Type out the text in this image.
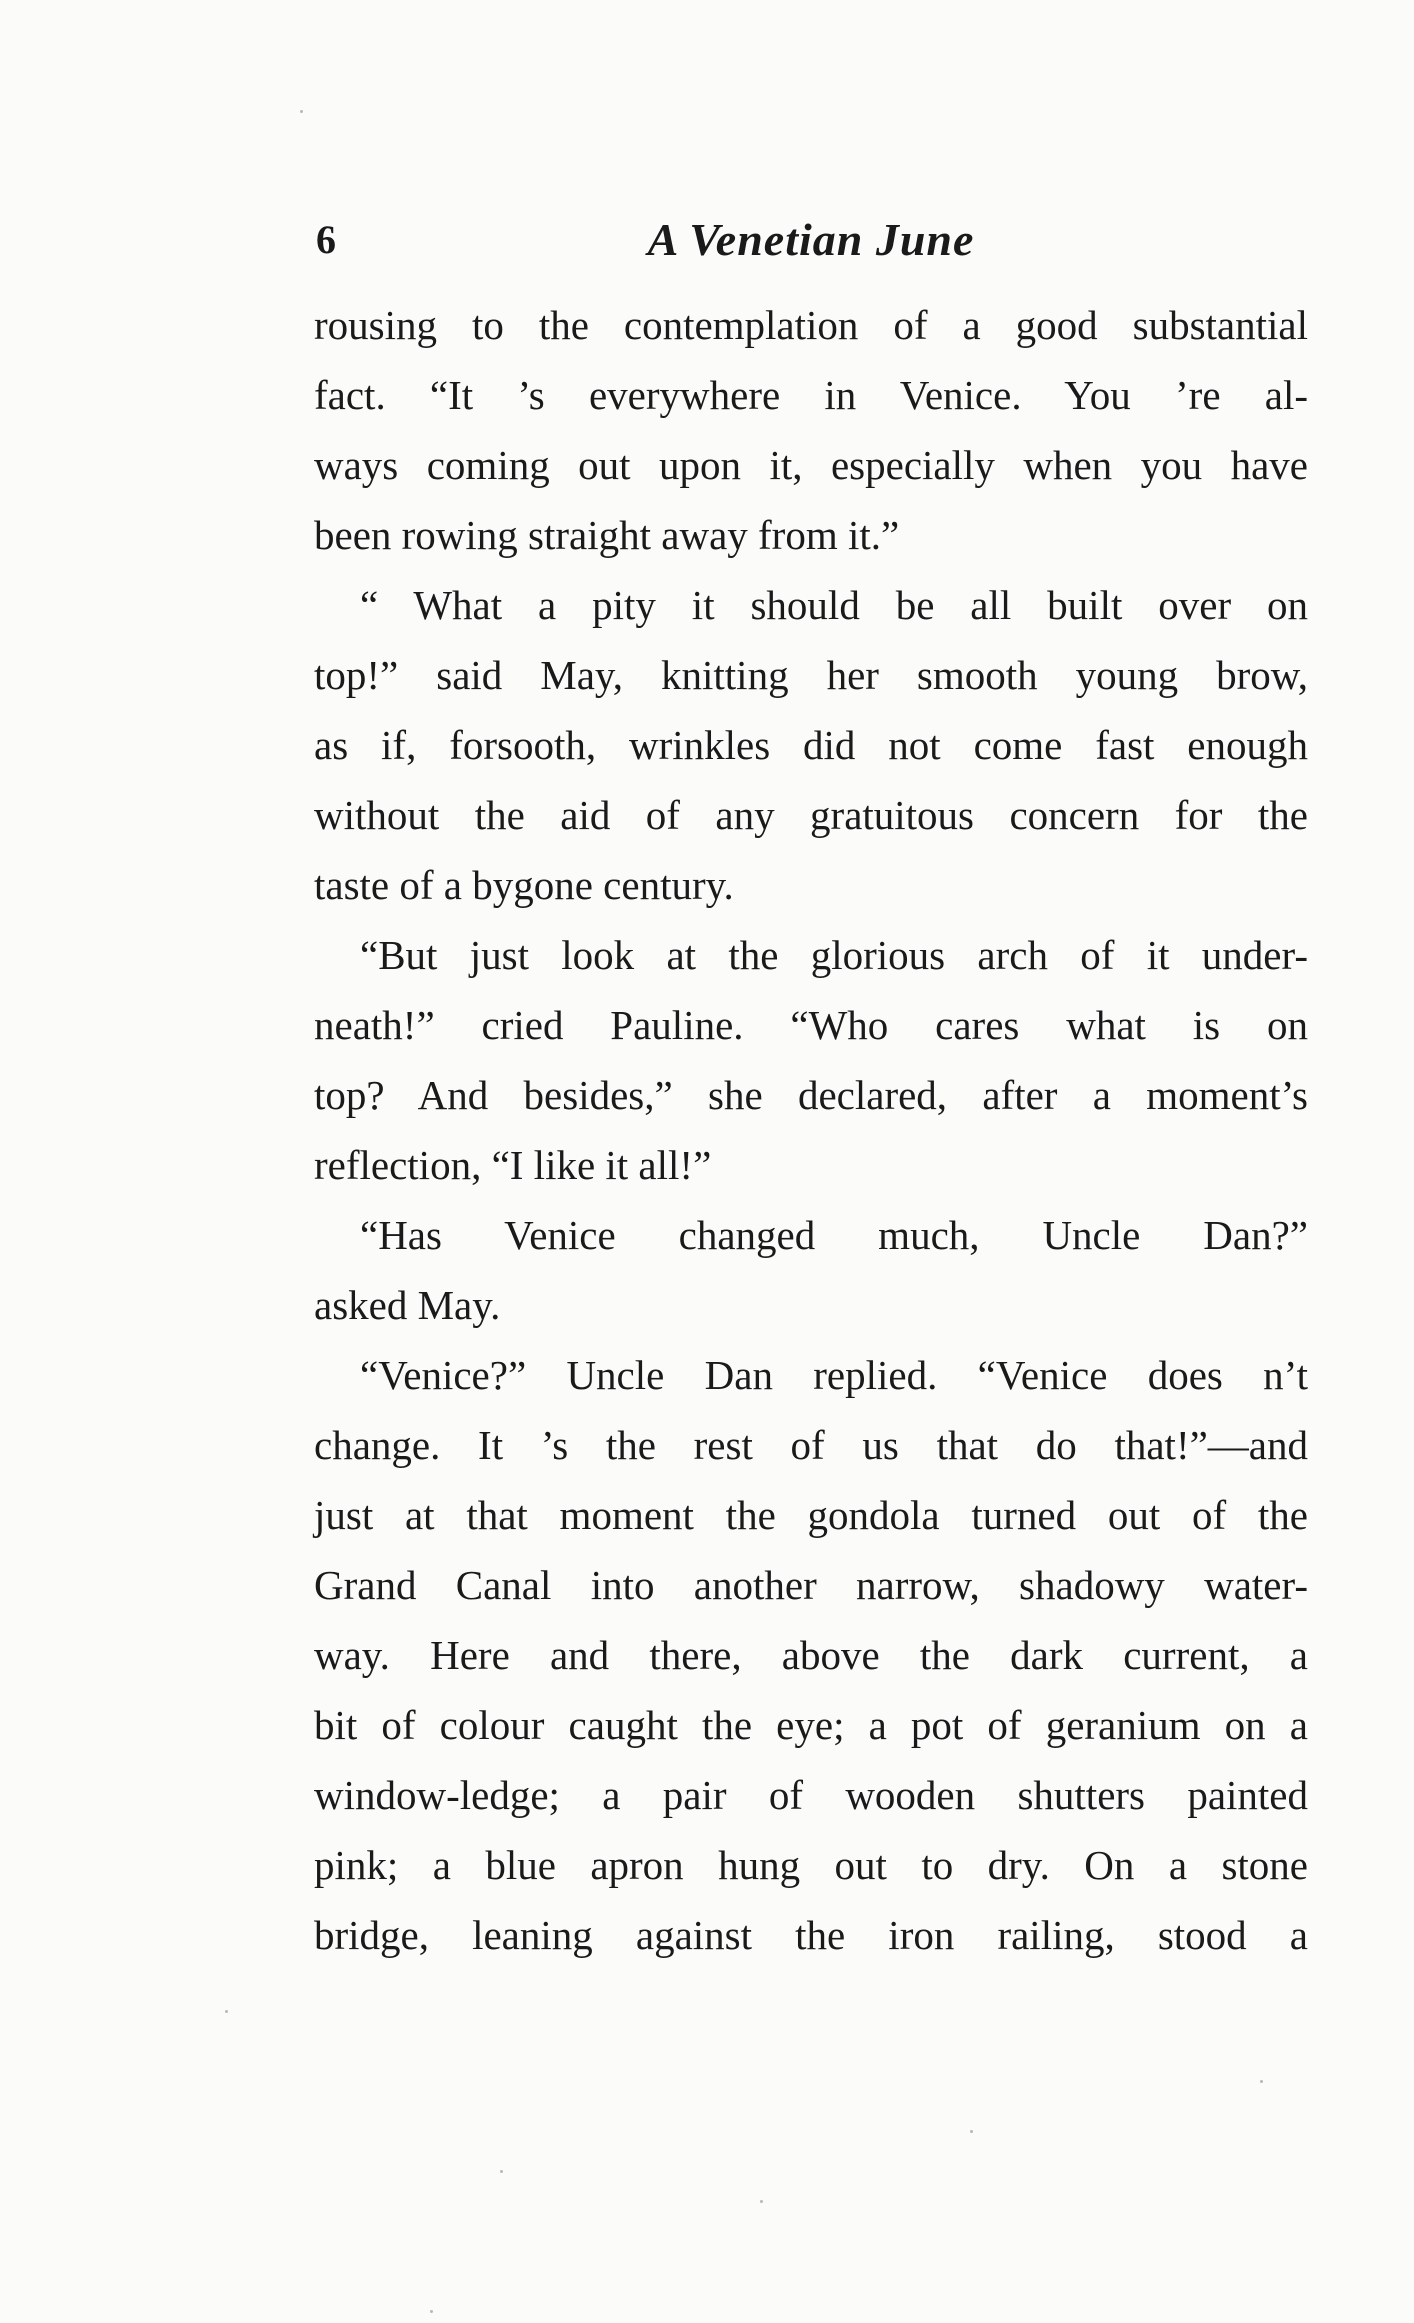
6	A Venetian June
rousing to the contemplation of a good substantial
fact. “It ’s everywhere in Venice. You ’re al-
ways coming out upon it, especially when you have
been rowing straight away from it.”
“ What a pity it should be all built over on
top!” said May, knitting her smooth young brow,
as if, forsooth, wrinkles did not come fast enough
without the aid of any gratuitous concern for the
taste of a bygone century.
“But just look at the glorious arch of it under-
neath!” cried Pauline. “Who cares what is on
top? And besides,” she declared, after a moment’s
reflection, “I like it all!”
“Has Venice changed much, Uncle Dan?”
asked May.
“Venice?” Uncle Dan replied. “Venice does n’t
change. It ’s the rest of us that do that!”—and
just at that moment the gondola turned out of the
Grand Canal into another narrow, shadowy water-
way. Here and there, above the dark current, a
bit of colour caught the eye; a pot of geranium on a
window-ledge; a pair of wooden shutters painted
pink; a blue apron hung out to dry. On a stone
bridge, leaning against the iron railing, stood a
